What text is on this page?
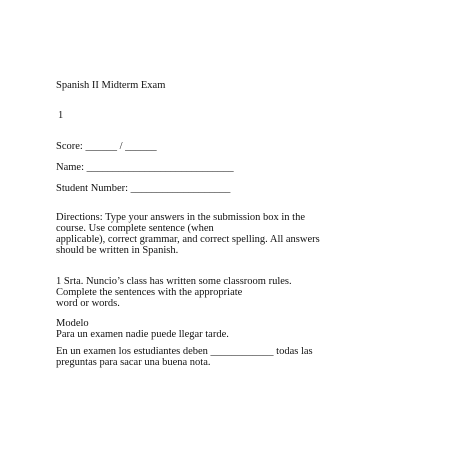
Spanish II Midterm Exam
1
Score: ______ / ______
Name: ____________________________
Student Number: ___________________
Directions: Type your answers in the submission box in the
course. Use complete sentence (when
applicable), correct grammar, and correct spelling. All answers
should be written in Spanish.
1 Srta. Nuncio’s class has written some classroom rules.
Complete the sentences with the appropriate
word or words.
Modelo
Para un examen nadie puede llegar tarde.
En un examen los estudiantes deben ____________ todas las
preguntas para sacar una buena nota.
